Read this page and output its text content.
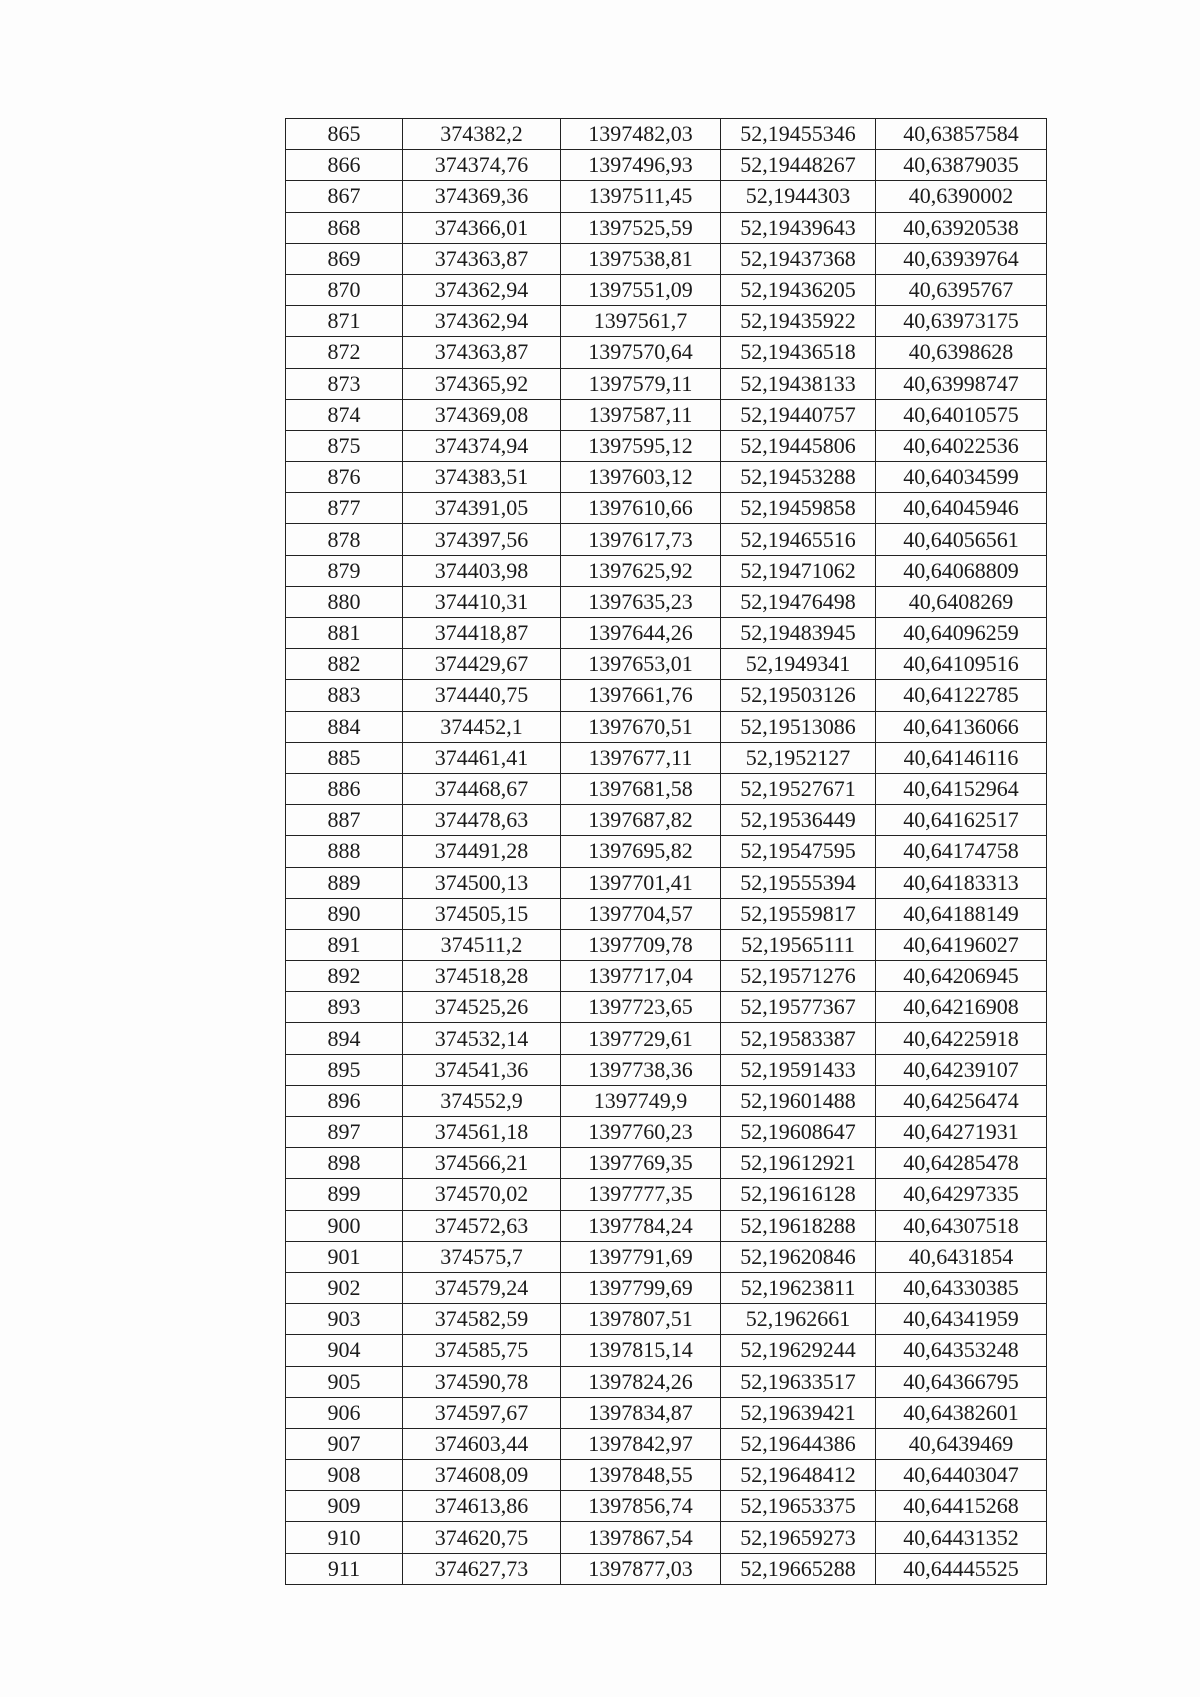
865	374382,2	1397482,03	52,19455346	40,63857584
866	374374,76	1397496,93	52,19448267	40,63879035
867	374369,36	1397511,45	52,1944303	40,6390002
868	374366,01	1397525,59	52,19439643	40,63920538
869	374363,87	1397538,81	52,19437368	40,63939764
870	374362,94	1397551,09	52,19436205	40,6395767
871	374362,94	1397561,7	52,19435922	40,63973175
872	374363,87	1397570,64	52,19436518	40,6398628
873	374365,92	1397579,11	52,19438133	40,63998747
874	374369,08	1397587,11	52,19440757	40,64010575
875	374374,94	1397595,12	52,19445806	40,64022536
876	374383,51	1397603,12	52,19453288	40,64034599
877	374391,05	1397610,66	52,19459858	40,64045946
878	374397,56	1397617,73	52,19465516	40,64056561
879	374403,98	1397625,92	52,19471062	40,64068809
880	374410,31	1397635,23	52,19476498	40,6408269
881	374418,87	1397644,26	52,19483945	40,64096259
882	374429,67	1397653,01	52,1949341	40,64109516
883	374440,75	1397661,76	52,19503126	40,64122785
884	374452,1	1397670,51	52,19513086	40,64136066
885	374461,41	1397677,11	52,1952127	40,64146116
886	374468,67	1397681,58	52,19527671	40,64152964
887	374478,63	1397687,82	52,19536449	40,64162517
888	374491,28	1397695,82	52,19547595	40,64174758
889	374500,13	1397701,41	52,19555394	40,64183313
890	374505,15	1397704,57	52,19559817	40,64188149
891	374511,2	1397709,78	52,19565111	40,64196027
892	374518,28	1397717,04	52,19571276	40,64206945
893	374525,26	1397723,65	52,19577367	40,64216908
894	374532,14	1397729,61	52,19583387	40,64225918
895	374541,36	1397738,36	52,19591433	40,64239107
896	374552,9	1397749,9	52,19601488	40,64256474
897	374561,18	1397760,23	52,19608647	40,64271931
898	374566,21	1397769,35	52,19612921	40,64285478
899	374570,02	1397777,35	52,19616128	40,64297335
900	374572,63	1397784,24	52,19618288	40,64307518
901	374575,7	1397791,69	52,19620846	40,6431854
902	374579,24	1397799,69	52,19623811	40,64330385
903	374582,59	1397807,51	52,1962661	40,64341959
904	374585,75	1397815,14	52,19629244	40,64353248
905	374590,78	1397824,26	52,19633517	40,64366795
906	374597,67	1397834,87	52,19639421	40,64382601
907	374603,44	1397842,97	52,19644386	40,6439469
908	374608,09	1397848,55	52,19648412	40,64403047
909	374613,86	1397856,74	52,19653375	40,64415268
910	374620,75	1397867,54	52,19659273	40,64431352
911	374627,73	1397877,03	52,19665288	40,64445525
